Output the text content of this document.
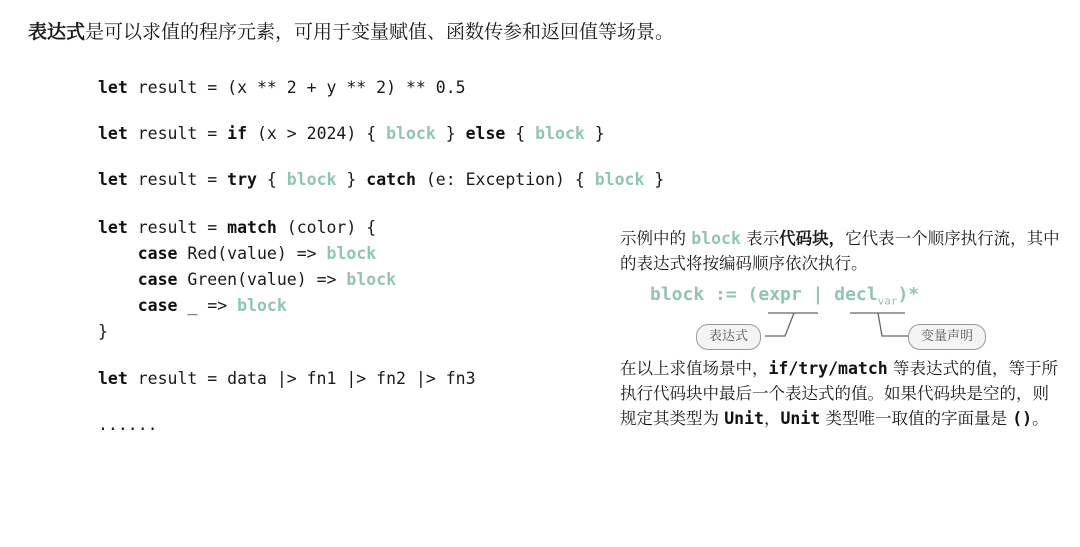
表达式是可以求值的程序元素，可用于变量赋值、函数传参和返回值等场景。
let result = (x ** 2 + y ** 2) ** 0.5
let result = if (x > 2024) { block } else { block }
let result = try { block } catch (e: Exception) { block }
let result = match (color) {
case Red(value) => block
case Green(value) => block
case _ => block
}
let result = data |> fn1 |> fn2 |> fn3
......
示例中的 block 表示代码块，它代表一个顺序执行流，其中的表达式将按编码顺序依次执行。
block := (expr | decl$_{var}$)*
表达式	变量声明
在以上求值场景中，if/try/match 等表达式的值，等于所执行代码块中最后一个表达式的值。如果代码块是空的，则规定其类型为 Unit，Unit 类型唯一取值的字面量是 ()。
